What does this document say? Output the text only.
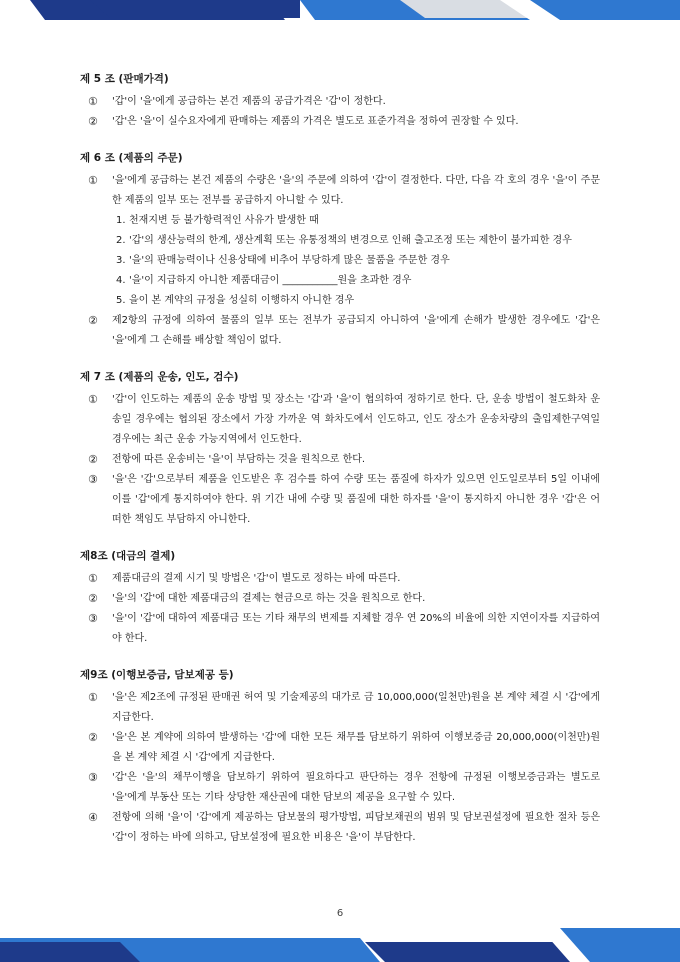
제 5 조 (판매가격)
①	'갑'이 '을'에게 공급하는 본건 제품의 공급가격은 '갑'이 정한다.
②	'갑'은 '을'이 실수요자에게 판매하는 제품의 가격은 별도로 표준가격을 정하여 권장할 수 있다.
제 6 조 (제품의 주문)
①	'을'에게 공급하는 본건 제품의 수량은 '을'의 주문에 의하여 '갑'이 결정한다. 다만, 다음 각 호의 경우 '을'이 주문한 제품의 일부 또는 전부를 공급하지 아니할 수 있다.
1. 천재지변 등 불가항력적인 사유가 발생한 때
2. '갑'의 생산능력의 한계, 생산계획 또는 유통정책의 변경으로 인해 출고조정 또는 제한이 불가피한 경우
3. '을'의 판매능력이나 신용상태에 비추어 부당하게 많은 물품을 주문한 경우
4. '을'이 지급하지 아니한 제품대금이 ___________원을 초과한 경우
5. 을이 본 계약의 규정을 성실히 이행하지 아니한 경우
②	제2항의 규정에 의하여 물품의 일부 또는 전부가 공급되지 아니하여 '을'에게 손해가 발생한 경우에도 '갑'은 '을'에게 그 손해를 배상할 책임이 없다.
제 7 조 (제품의 운송, 인도, 검수)
①	'갑'이 인도하는 제품의 운송 방법 및 장소는 '갑'과 '을'이 협의하여 정하기로 한다. 단, 운송 방법이 철도화차 운송일 경우에는 협의된 장소에서 가장 가까운 역 화차도에서 인도하고, 인도 장소가 운송차량의 출입제한구역일 경우에는 최근 운송 가능지역에서 인도한다.
②	전항에 따른 운송비는 '을'이 부담하는 것을 원칙으로 한다.
③	'을'은 '갑'으로부터 제품을 인도받은 후 검수를 하여 수량 또는 품질에 하자가 있으면 인도일로부터 5일 이내에 이를 '갑'에게 통지하여야 한다. 위 기간 내에 수량 및 품질에 대한 하자를 '을'이 통지하지 아니한 경우 '갑'은 어떠한 책임도 부담하지 아니한다.
제8조 (대금의 결제)
①	제품대금의 결제 시기 및 방법은 '갑'이 별도로 정하는 바에 따른다.
②	'을'의 '갑'에 대한 제품대금의 결제는 현금으로 하는 것을 원칙으로 한다.
③	'을'이 '갑'에 대하여 제품대금 또는 기타 채무의 변제를 지체할 경우 연 20%의 비율에 의한 지연이자를 지급하여야 한다.
제9조 (이행보증금, 담보제공 등)
①	'을'은 제2조에 규정된 판매권 허여 및 기술제공의 대가로 금 10,000,000(일천만)원을 본 계약 체결 시 '갑'에게 지급한다.
②	'을'은 본 계약에 의하여 발생하는 '갑'에 대한 모든 채무를 담보하기 위하여 이행보증금 20,000,000(이천만)원을 본 계약 체결 시 '갑'에게 지급한다.
③	'갑'은 '을'의 채무이행을 담보하기 위하여 필요하다고 판단하는 경우 전항에 규정된 이행보증금과는 별도로 '을'에게 부동산 또는 기타 상당한 재산권에 대한 담보의 제공을 요구할 수 있다.
④	전항에 의해 '을'이 '갑'에게 제공하는 담보물의 평가방법, 피담보채권의 범위 및 담보권설정에 필요한 절차 등은 '갑'이 정하는 바에 의하고, 담보설정에 필요한 비용은 '을'이 부담한다.
6
